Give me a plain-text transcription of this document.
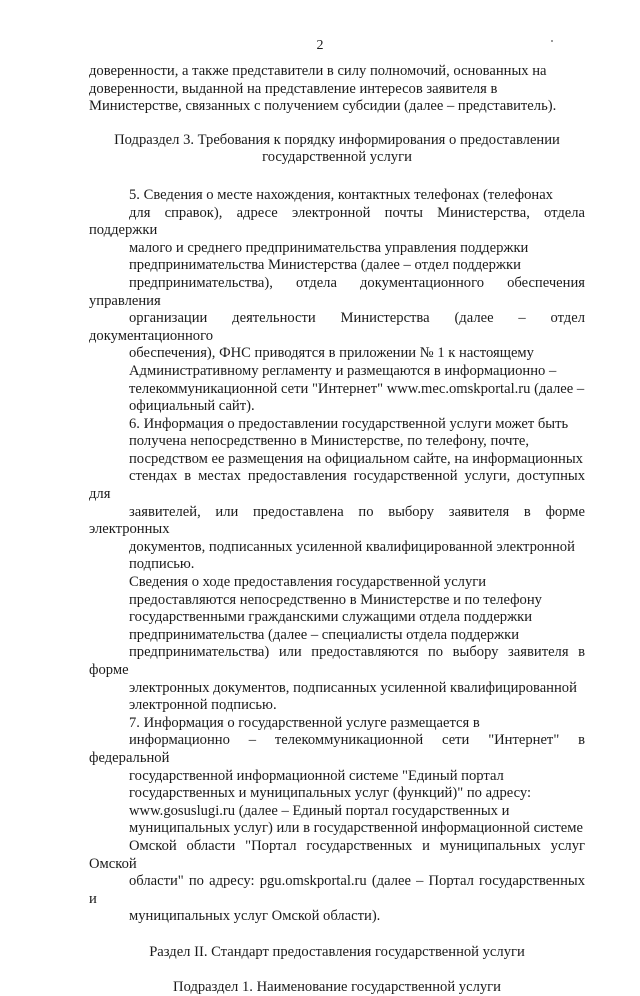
2

доверенности, а также представители в силу полномочий, основанных на
доверенности, выданной на представление интересов заявителя в
Министерстве, связанных с получением субсидии (далее – представитель).

Подраздел 3. Требования к порядку информирования о предоставлении
государственной услуги

5. Сведения о месте нахождения, контактных телефонах (телефонах
для справок), адресе электронной почты Министерства, отдела поддержки
малого и среднего предпринимательства управления поддержки
предпринимательства Министерства (далее – отдел поддержки
предпринимательства), отдела документационного обеспечения управления
организации деятельности Министерства (далее – отдел документационного
обеспечения), ФНС приводятся в приложении № 1 к настоящему
Административному регламенту и размещаются в информационно –
телекоммуникационной сети "Интернет" www.mec.omskportal.ru (далее –
официальный сайт).

6. Информация о предоставлении государственной услуги может быть
получена непосредственно в Министерстве, по телефону, почте,
посредством ее размещения на официальном сайте, на информационных
стендах в местах предоставления государственной услуги, доступных для
заявителей, или предоставлена по выбору заявителя в форме электронных
документов, подписанных усиленной квалифицированной электронной
подписью.

Сведения о ходе предоставления государственной услуги
предоставляются непосредственно в Министерстве и по телефону
государственными гражданскими служащими отдела поддержки
предпринимательства (далее – специалисты отдела поддержки
предпринимательства) или предоставляются по выбору заявителя в форме
электронных документов, подписанных усиленной квалифицированной
электронной подписью.

7. Информация о государственной услуге размещается в
информационно – телекоммуникационной сети "Интернет" в федеральной
государственной информационной системе "Единый портал
государственных и муниципальных услуг (функций)" по адресу:
www.gosuslugi.ru (далее – Единый портал государственных и
муниципальных услуг) или в государственной информационной системе
Омской области "Портал государственных и муниципальных услуг Омской
области" по адресу: pgu.omskportal.ru (далее – Портал государственных и
муниципальных услуг Омской области).

Раздел II. Стандарт предоставления государственной услуги

Подраздел 1. Наименование государственной услуги
